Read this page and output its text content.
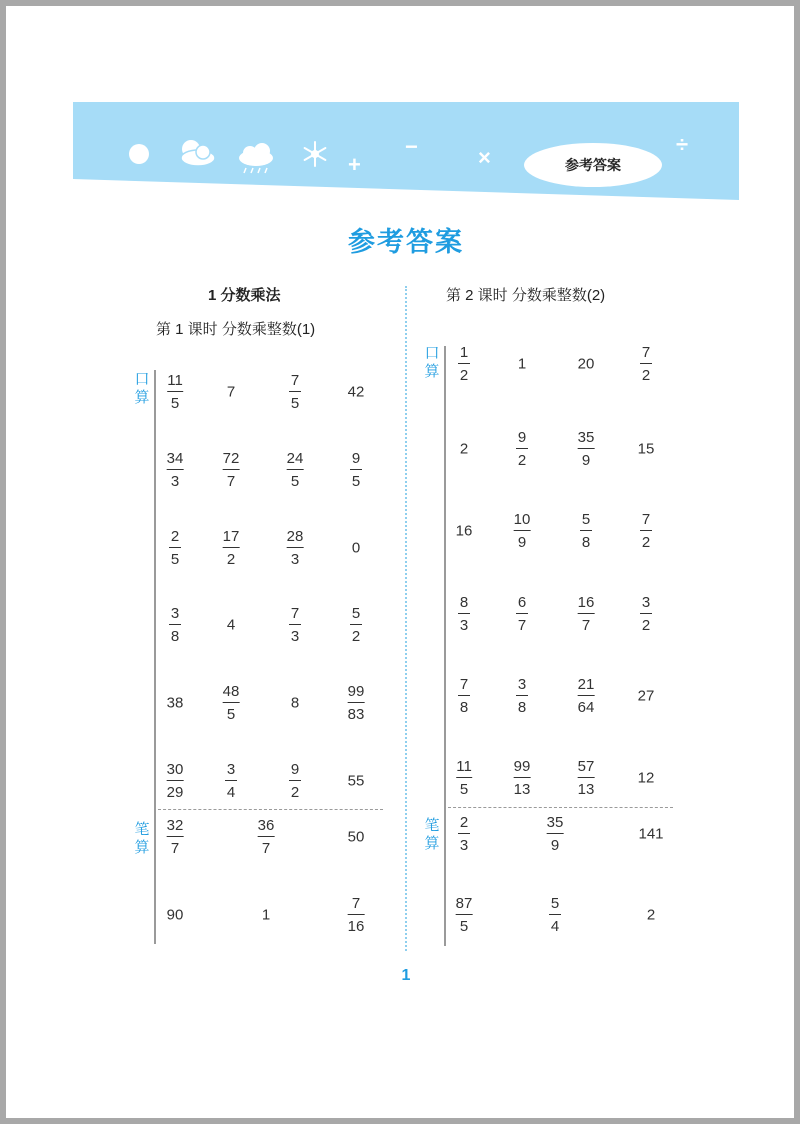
+
−	×
÷
参考答案
参考答案
1 分数乘法
第 1 课时 分数乘整数(1)
第 2 课时 分数乘整数(2)
口
算
笔
算
口
算
笔
算
$\frac{11}{5}$	7	$\frac{7}{5}$	42
$\frac{34}{3}$	$\frac{72}{7}$	$\frac{24}{5}$	$\frac{9}{5}$
$\frac{2}{5}$	$\frac{17}{2}$	$\frac{28}{3}$	0
$\frac{3}{8}$	4	$\frac{7}{3}$	$\frac{5}{2}$
38	$\frac{48}{5}$	8	$\frac{99}{83}$
$\frac{30}{29}$	$\frac{3}{4}$	$\frac{9}{2}$	55
$\frac{32}{7}$	$\frac{36}{7}$	50
90	1	$\frac{7}{16}$
$\frac{1}{2}$	1	20	$\frac{7}{2}$
2	$\frac{9}{2}$	$\frac{35}{9}$	15
16	$\frac{10}{9}$	$\frac{5}{8}$	$\frac{7}{2}$
$\frac{8}{3}$	$\frac{6}{7}$	$\frac{16}{7}$	$\frac{3}{2}$
$\frac{7}{8}$	$\frac{3}{8}$	$\frac{21}{64}$	27
$\frac{11}{5}$	$\frac{99}{13}$	$\frac{57}{13}$	12
$\frac{2}{3}$	$\frac{35}{9}$	141
$\frac{87}{5}$	$\frac{5}{4}$	2
1
